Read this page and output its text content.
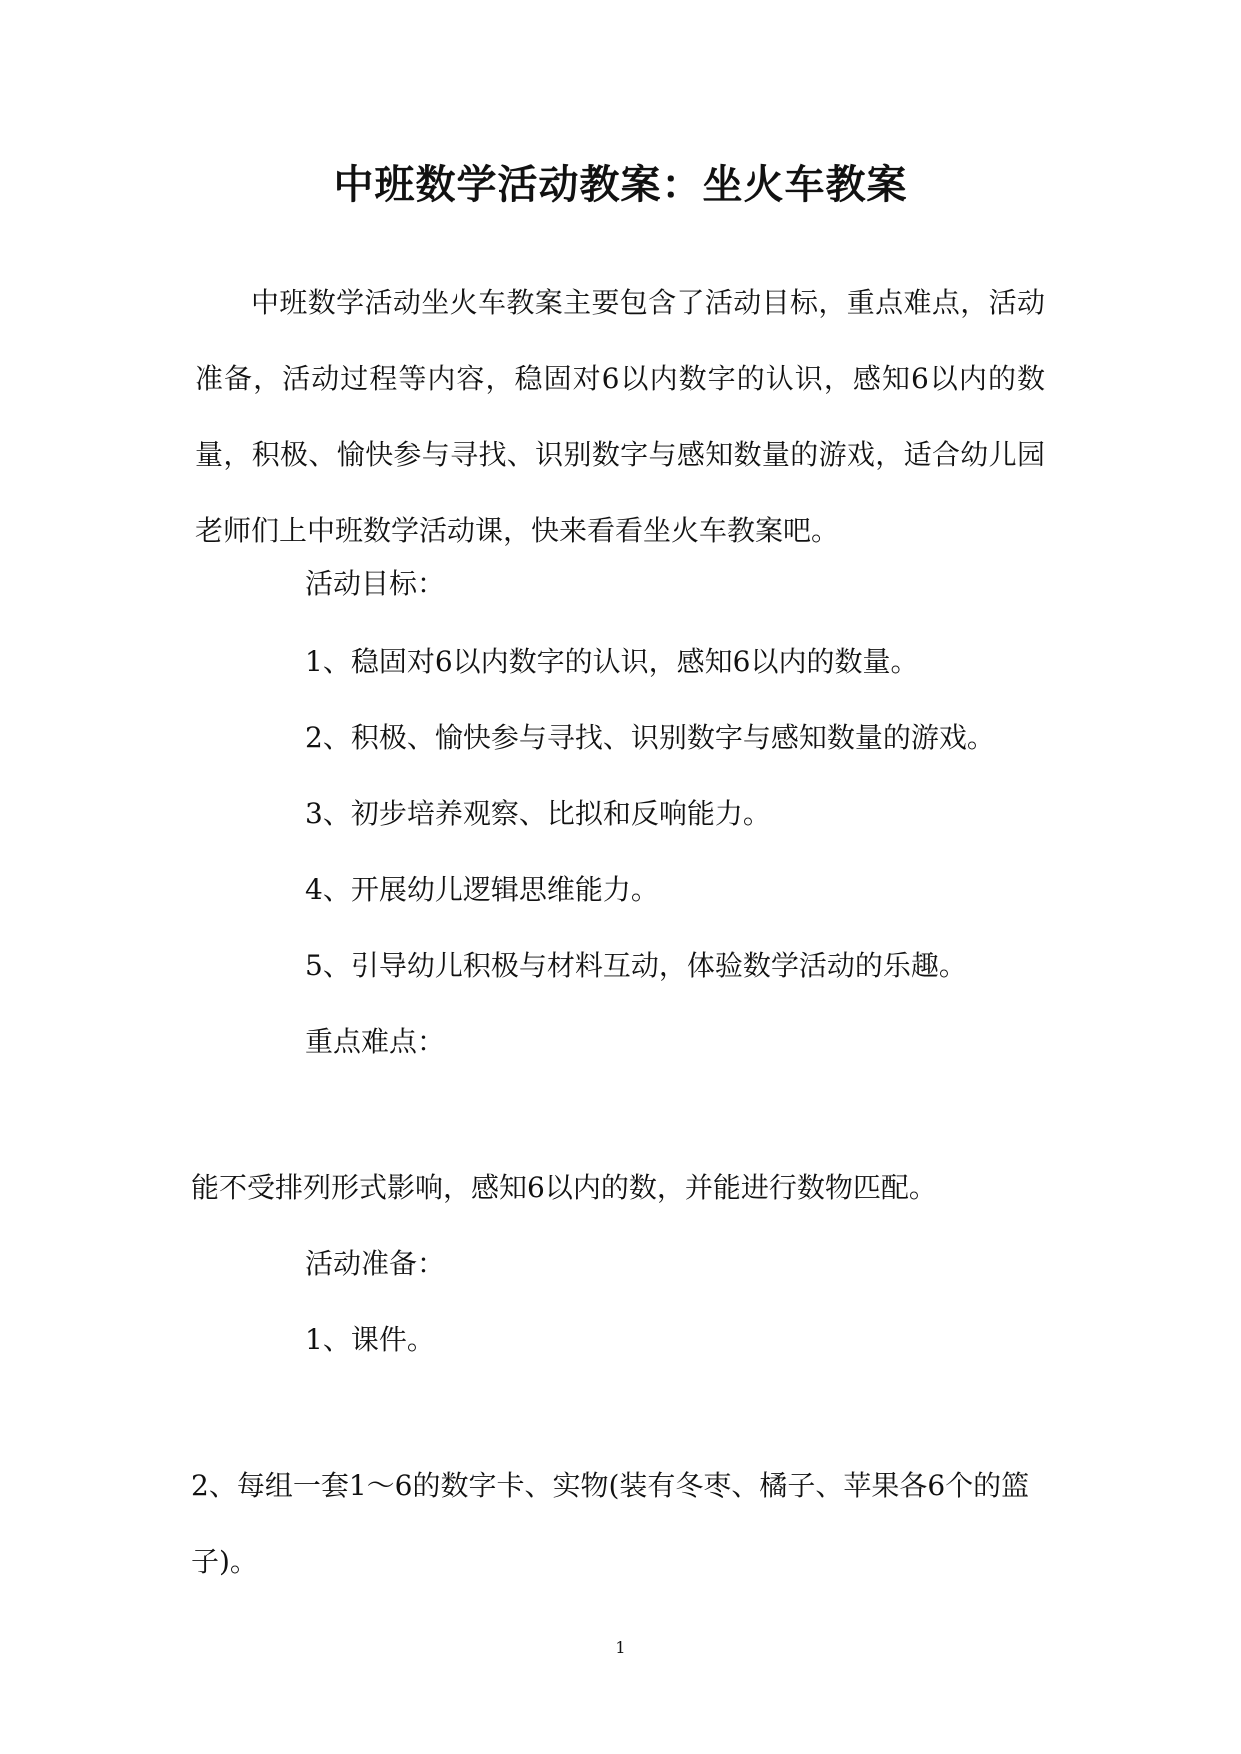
中班数学活动教案：坐火车教案

中班数学活动坐火车教案主要包含了活动目标，重点难点，活动准备，活动过程等内容，稳固对6以内数字的认识，感知6以内的数量，积极、愉快参与寻找、识别数字与感知数量的游戏，适合幼儿园老师们上中班数学活动课，快来看看坐火车教案吧。

活动目标：

1、稳固对6以内数字的认识，感知6以内的数量。

2、积极、愉快参与寻找、识别数字与感知数量的游戏。

3、初步培养观察、比拟和反响能力。

4、开展幼儿逻辑思维能力。

5、引导幼儿积极与材料互动，体验数学活动的乐趣。

重点难点：

能不受排列形式影响，感知6以内的数，并能进行数物匹配。

活动准备：

1、课件。

2、每组一套1～6的数字卡、实物(装有冬枣、橘子、苹果各6个的篮

子)。

1
